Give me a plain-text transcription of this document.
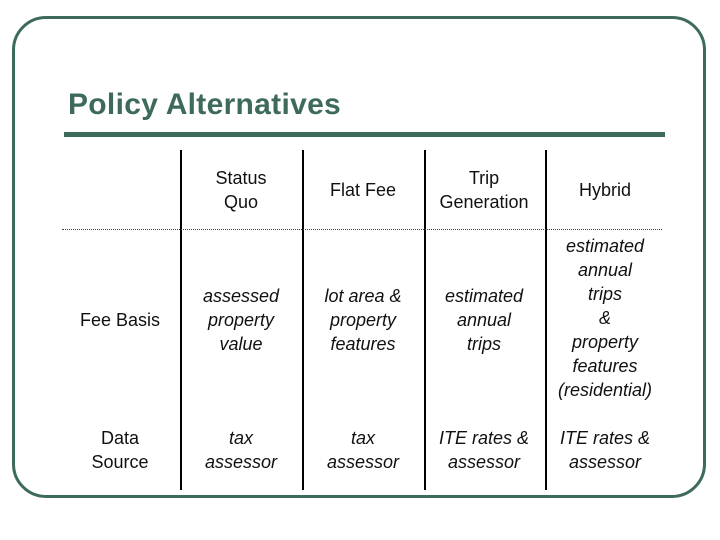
Policy Alternatives
Status
Quo
Flat Fee
Trip
Generation
Hybrid
Fee Basis
assessed
property
value
lot area &
property
features
estimated
annual
trips
estimated
annual
trips
&
property
features
(residential)
Data
Source
tax
assessor
tax
assessor
ITE rates &
assessor
ITE rates &
assessor
